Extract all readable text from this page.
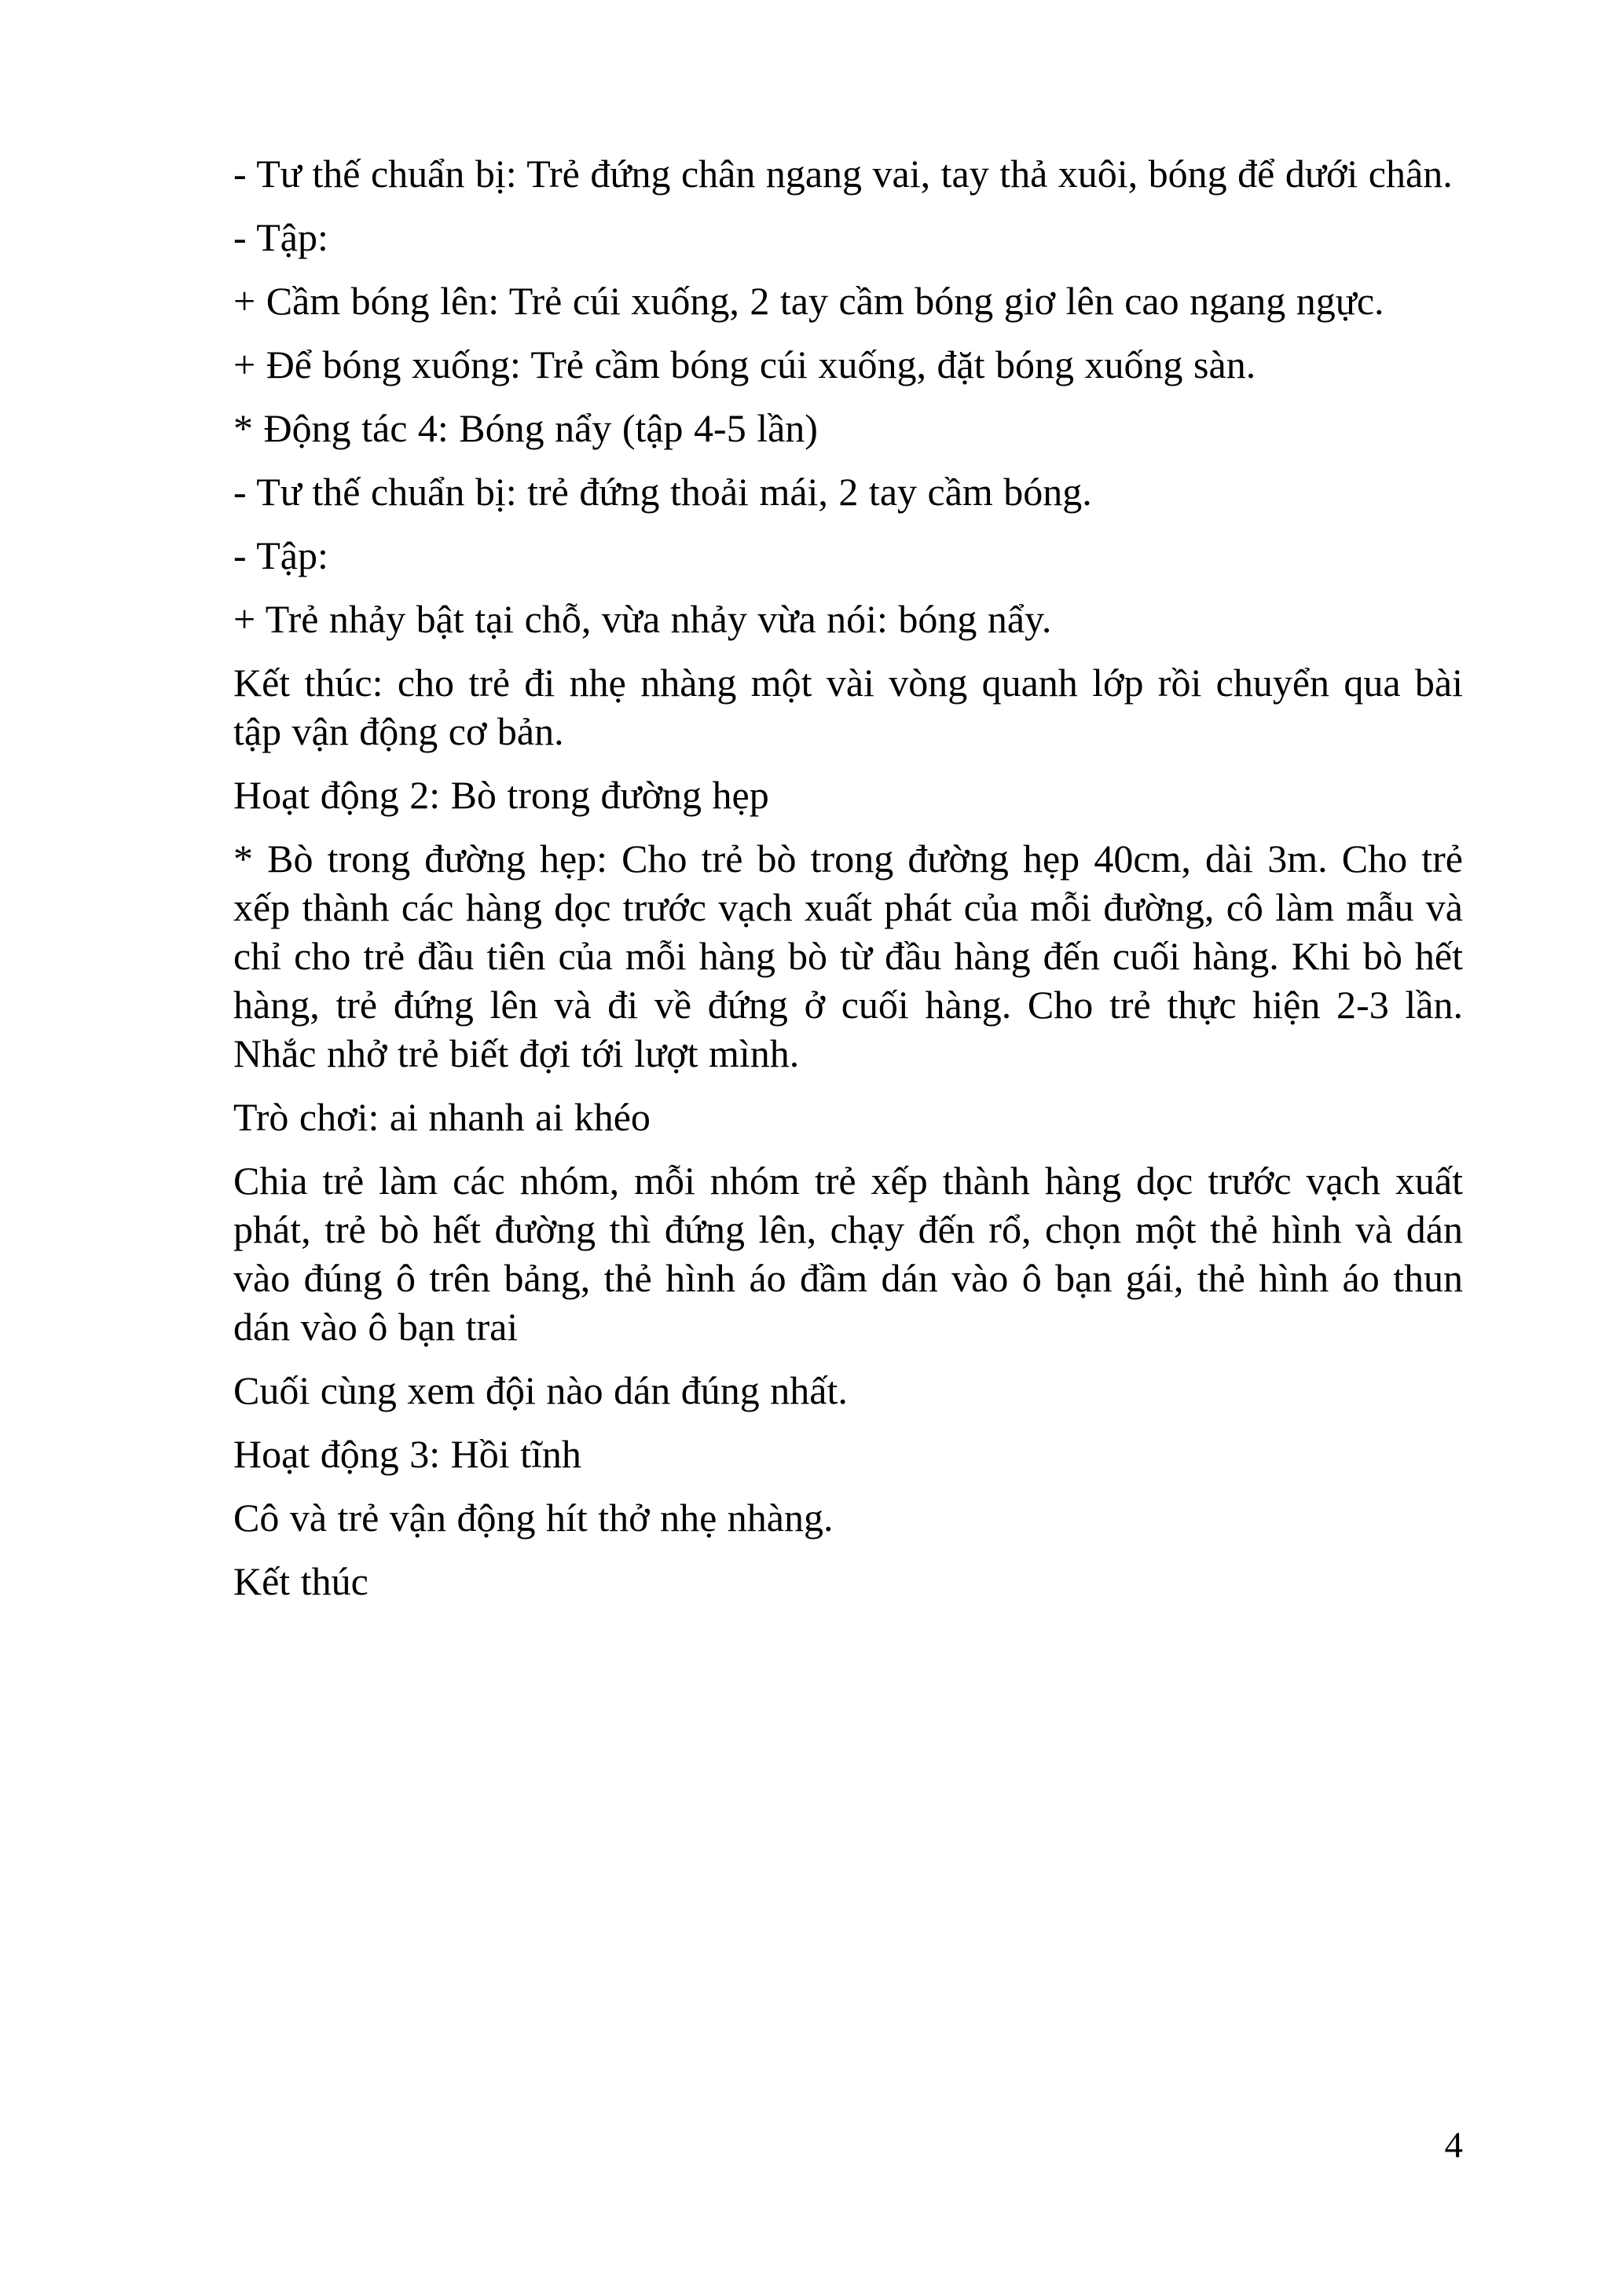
- Tư thế chuẩn bị: Trẻ đứng chân ngang vai, tay thả xuôi, bóng để dưới chân.

- Tập:

+ Cầm bóng lên: Trẻ cúi xuống, 2 tay cầm bóng giơ lên cao ngang ngực.

+ Để bóng xuống: Trẻ cầm bóng cúi xuống, đặt bóng xuống sàn.

* Động tác 4: Bóng nẩy (tập 4-5 lần)

- Tư thế chuẩn bị: trẻ đứng thoải mái, 2 tay cầm bóng.

- Tập:

+ Trẻ nhảy bật tại chỗ, vừa nhảy vừa nói: bóng nẩy.

Kết thúc: cho trẻ đi nhẹ nhàng một vài vòng quanh lớp rồi chuyển qua bài tập vận động cơ bản.

Hoạt động 2: Bò trong đường hẹp

* Bò trong đường hẹp: Cho trẻ bò trong đường hẹp 40cm, dài 3m. Cho trẻ xếp thành các hàng dọc trước vạch xuất phát của mỗi đường, cô làm mẫu và chỉ cho trẻ đầu tiên của mỗi hàng bò từ đầu hàng đến cuối hàng. Khi bò hết hàng, trẻ đứng lên và đi về đứng ở cuối hàng. Cho trẻ thực hiện 2-3 lần. Nhắc nhở trẻ biết đợi tới lượt mình.

Trò chơi: ai nhanh ai khéo

Chia trẻ làm các nhóm, mỗi nhóm trẻ xếp thành hàng dọc trước vạch xuất phát, trẻ bò hết đường thì đứng lên, chạy đến rổ, chọn một thẻ hình và dán vào đúng ô trên bảng, thẻ hình áo đầm dán vào ô bạn gái, thẻ hình áo thun dán vào ô bạn trai

Cuối cùng xem đội nào dán đúng nhất.

Hoạt động 3: Hồi tĩnh

Cô và trẻ vận động hít thở nhẹ nhàng.

Kết thúc

4
